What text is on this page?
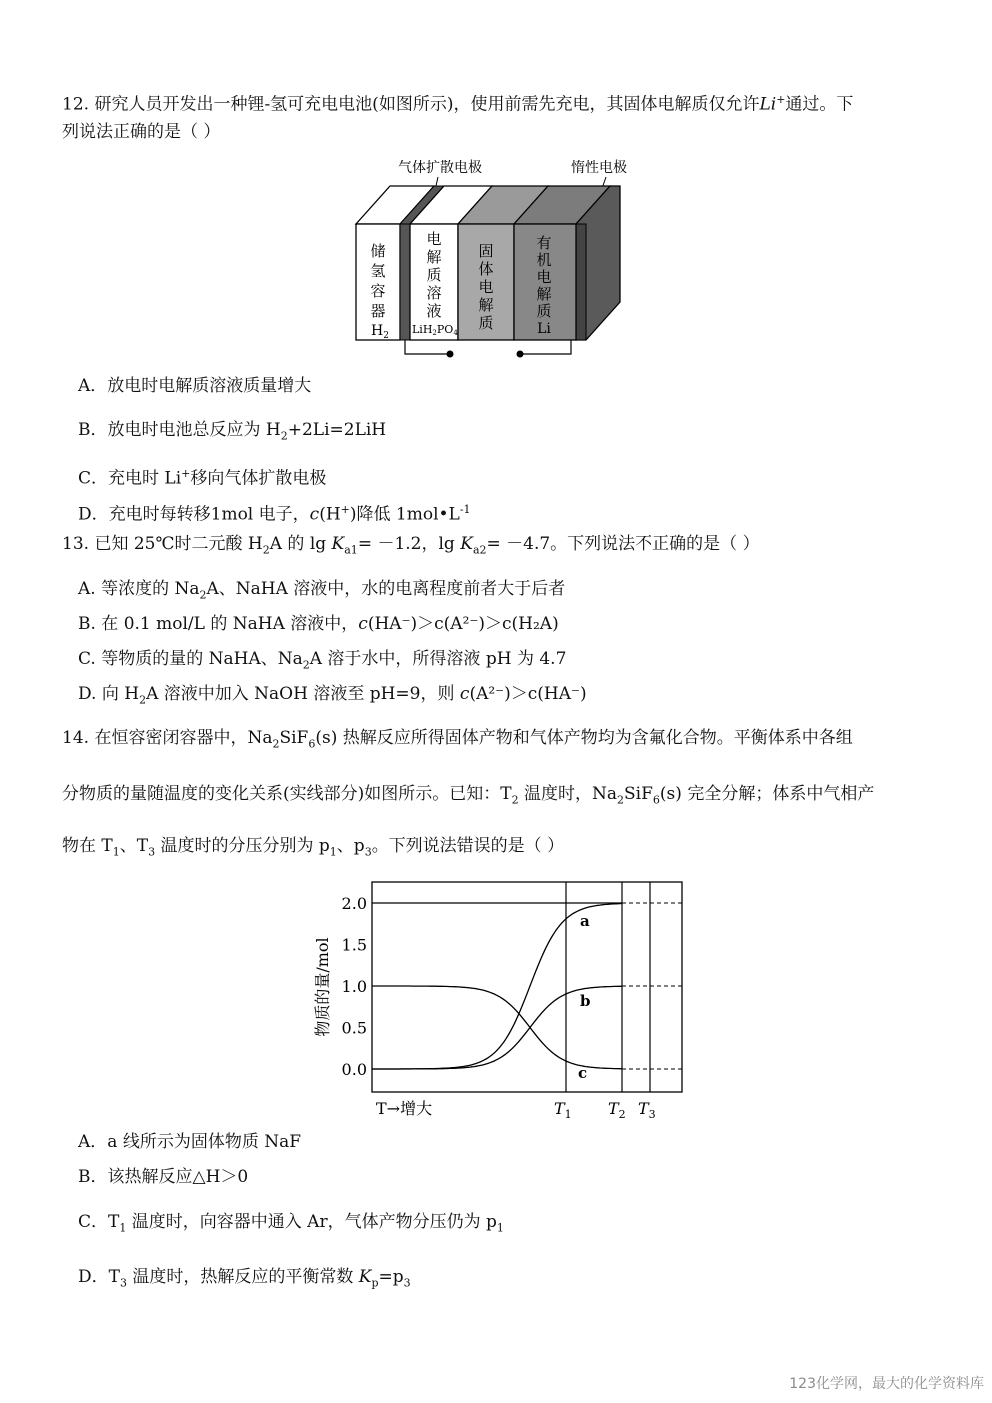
12. 研究人员开发出一种锂-氢可充电电池(如图所示)，使用前需先充电，其固体电解质仅允许Li+通过。下
列说法正确的是（ ）
气体扩散电极	惰性电极
储
氢
容
器
$H_2$
电
解
质
溶
液
LiH2PO4
固
体
电
解
质
有
机
电
解
质
Li
A．放电时电解质溶液质量增大
B．放电时电池总反应为 $H_2+2Li=2LiH$
C．充电时 Li+移向气体扩散电极
D．充电时每转移1mol 电子，c(H+)降低 $1mol•L^{-1}$
13. 已知 25℃时二元酸 $H_2A$ 的 $\lg K_{a1}= -1.2$，$\lg K_{a2}= -4.7$。下列说法不正确的是（ ）
A. 等浓度的 $Na_2A$、NaHA 溶液中，水的电离程度前者大于后者
B. 在 0.1 mol/L 的 NaHA 溶液中，c(HA⁻)＞c(A²⁻)＞c(H₂A)
C. 等物质的量的 NaHA、$Na_2A$ 溶于水中，所得溶液 pH 为 4.7
D. 向 $H_2A$ 溶液中加入 NaOH 溶液至 pH=9，则 c(A²⁻)＞c(HA⁻)
14. 在恒容密闭容器中，$Na_2SiF_6(s)$ 热解反应所得固体产物和气体产物均为含氟化合物。平衡体系中各组
分物质的量随温度的变化关系(实线部分)如图所示。已知：$T_2$ 温度时，$Na_2SiF_6(s)$ 完全分解；体系中气相产
物在 $T_1$、$T_3$ 温度时的分压分别为 $p_1$、$p_3$。下列说法错误的是（ ）
物质的量/mol
2.0
1.5
1.0
0.5
0.0
T→增大
a
b
c
$T_1$ $T_2$ $T_3$
A．a 线所示为固体物质 NaF
B．该热解反应△H＞0
C．$T_1$ 温度时，向容器中通入 Ar，气体产物分压仍为 $p_1$
D．$T_3$ 温度时，热解反应的平衡常数 $K_p=p_3$
123化学网，最大的化学资料库
